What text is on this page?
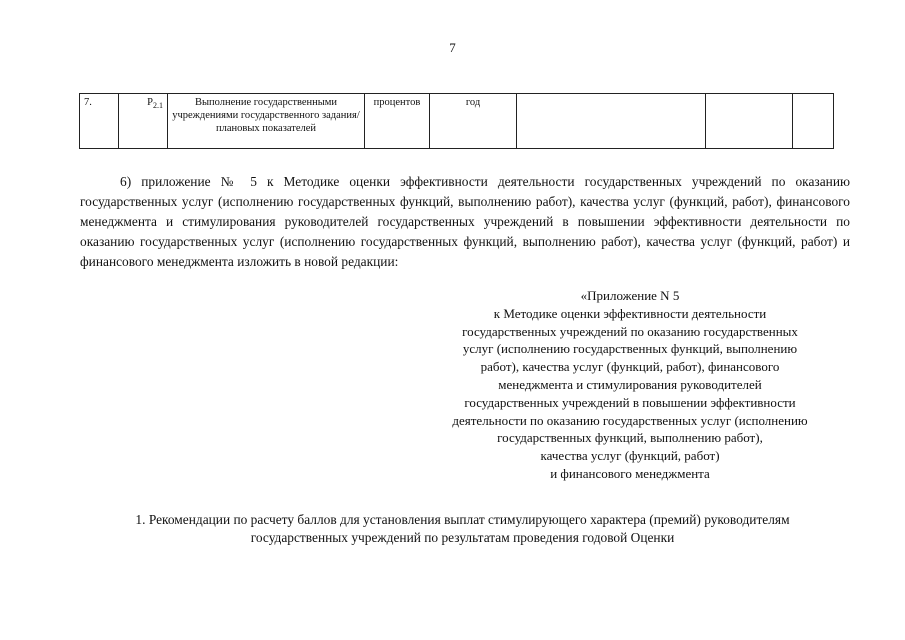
7
7.	$P_{2.1}$	Выполнение государственными учреждениями государственного задания/плановых показателей	процентов	год			

6) приложение № 5 к Методике оценки эффективности деятельности государственных учреждений по оказанию государственных услуг (исполнению государственных функций, выполнению работ), качества услуг (функций, работ), финансового менеджмента и стимулирования руководителей государственных учреждений в повышении эффективности деятельности по оказанию государственных услуг (исполнению государственных функций, выполнению работ), качества услуг (функций, работ) и финансового менеджмента изложить в новой редакции:

«Приложение N 5
к Методике оценки эффективности деятельности
государственных учреждений по оказанию государственных
услуг (исполнению государственных функций, выполнению
работ), качества услуг (функций, работ), финансового
менеджмента и стимулирования руководителей
государственных учреждений в повышении эффективности
деятельности по оказанию государственных услуг (исполнению
государственных функций, выполнению работ),
качества услуг (функций, работ)
и финансового менеджмента
1. Рекомендации по расчету баллов для установления выплат стимулирующего характера (премий) руководителям
государственных учреждений по результатам проведения годовой Оценки
